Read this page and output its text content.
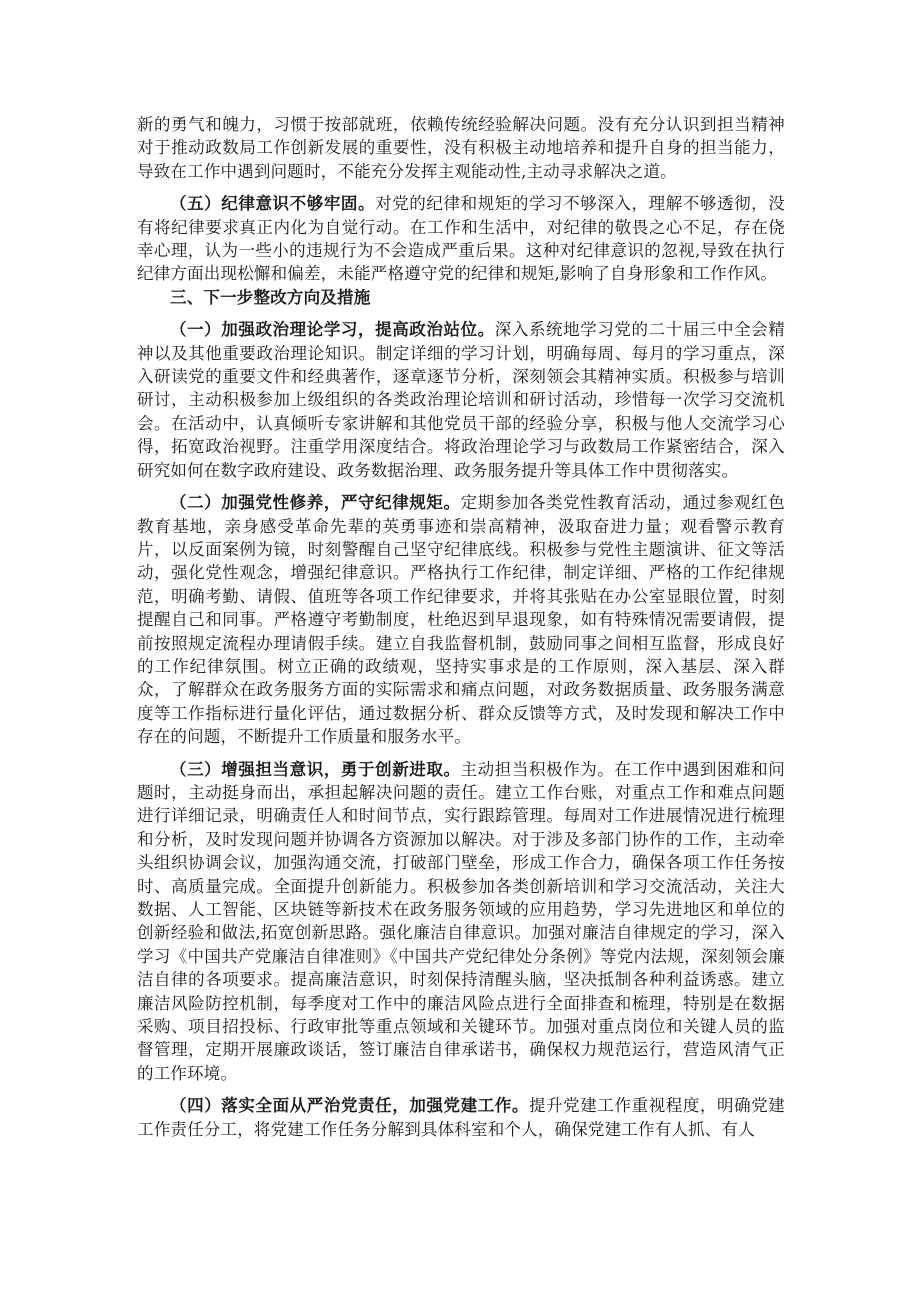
新的勇气和魄力，习惯于按部就班，依赖传统经验解决问题。没有充分认识到担当精神对于推动政数局工作创新发展的重要性，没有积极主动地培养和提升自身的担当能力，导致在工作中遇到问题时，不能充分发挥主观能动性,主动寻求解决之道。

（五）纪律意识不够牢固。对党的纪律和规矩的学习不够深入，理解不够透彻，没有将纪律要求真正内化为自觉行动。在工作和生活中，对纪律的敬畏之心不足，存在侥幸心理，认为一些小的违规行为不会造成严重后果。这种对纪律意识的忽视,导致在执行纪律方面出现松懈和偏差，未能严格遵守党的纪律和规矩,影响了自身形象和工作作风。

三、下一步整改方向及措施

（一）加强政治理论学习，提高政治站位。深入系统地学习党的二十届三中全会精神以及其他重要政治理论知识。制定详细的学习计划，明确每周、每月的学习重点，深入研读党的重要文件和经典著作，逐章逐节分析，深刻领会其精神实质。积极参与培训研讨，主动积极参加上级组织的各类政治理论培训和研讨活动，珍惜每一次学习交流机会。在活动中，认真倾听专家讲解和其他党员干部的经验分享，积极与他人交流学习心得，拓宽政治视野。注重学用深度结合。将政治理论学习与政数局工作紧密结合，深入研究如何在数字政府建设、政务数据治理、政务服务提升等具体工作中贯彻落实。

（二）加强党性修养，严守纪律规矩。定期参加各类党性教育活动，通过参观红色教育基地，亲身感受革命先辈的英勇事迹和崇高精神，汲取奋进力量；观看警示教育片，以反面案例为镜，时刻警醒自己坚守纪律底线。积极参与党性主题演讲、征文等活动，强化党性观念，增强纪律意识。严格执行工作纪律，制定详细、严格的工作纪律规范，明确考勤、请假、值班等各项工作纪律要求，并将其张贴在办公室显眼位置，时刻提醒自己和同事。严格遵守考勤制度，杜绝迟到早退现象，如有特殊情况需要请假，提前按照规定流程办理请假手续。建立自我监督机制，鼓励同事之间相互监督，形成良好的工作纪律氛围。树立正确的政绩观，坚持实事求是的工作原则，深入基层、深入群众，了解群众在政务服务方面的实际需求和痛点问题，对政务数据质量、政务服务满意度等工作指标进行量化评估，通过数据分析、群众反馈等方式，及时发现和解决工作中存在的问题，不断提升工作质量和服务水平。

（三）增强担当意识，勇于创新进取。主动担当积极作为。在工作中遇到困难和问题时，主动挺身而出，承担起解决问题的责任。建立工作台账，对重点工作和难点问题进行详细记录，明确责任人和时间节点，实行跟踪管理。每周对工作进展情况进行梳理和分析，及时发现问题并协调各方资源加以解决。对于涉及多部门协作的工作，主动牵头组织协调会议，加强沟通交流，打破部门壁垒，形成工作合力，确保各项工作任务按时、高质量完成。全面提升创新能力。积极参加各类创新培训和学习交流活动，关注大数据、人工智能、区块链等新技术在政务服务领域的应用趋势，学习先进地区和单位的创新经验和做法,拓宽创新思路。强化廉洁自律意识。加强对廉洁自律规定的学习，深入学习《中国共产党廉洁自律准则》《中国共产党纪律处分条例》等党内法规，深刻领会廉洁自律的各项要求。提高廉洁意识，时刻保持清醒头脑，坚决抵制各种利益诱惑。建立廉洁风险防控机制，每季度对工作中的廉洁风险点进行全面排查和梳理，特别是在数据采购、项目招投标、行政审批等重点领域和关键环节。加强对重点岗位和关键人员的监督管理，定期开展廉政谈话，签订廉洁自律承诺书，确保权力规范运行，营造风清气正的工作环境。

（四）落实全面从严治党责任，加强党建工作。提升党建工作重视程度，明确党建工作责任分工，将党建工作任务分解到具体科室和个人，确保党建工作有人抓、有人
